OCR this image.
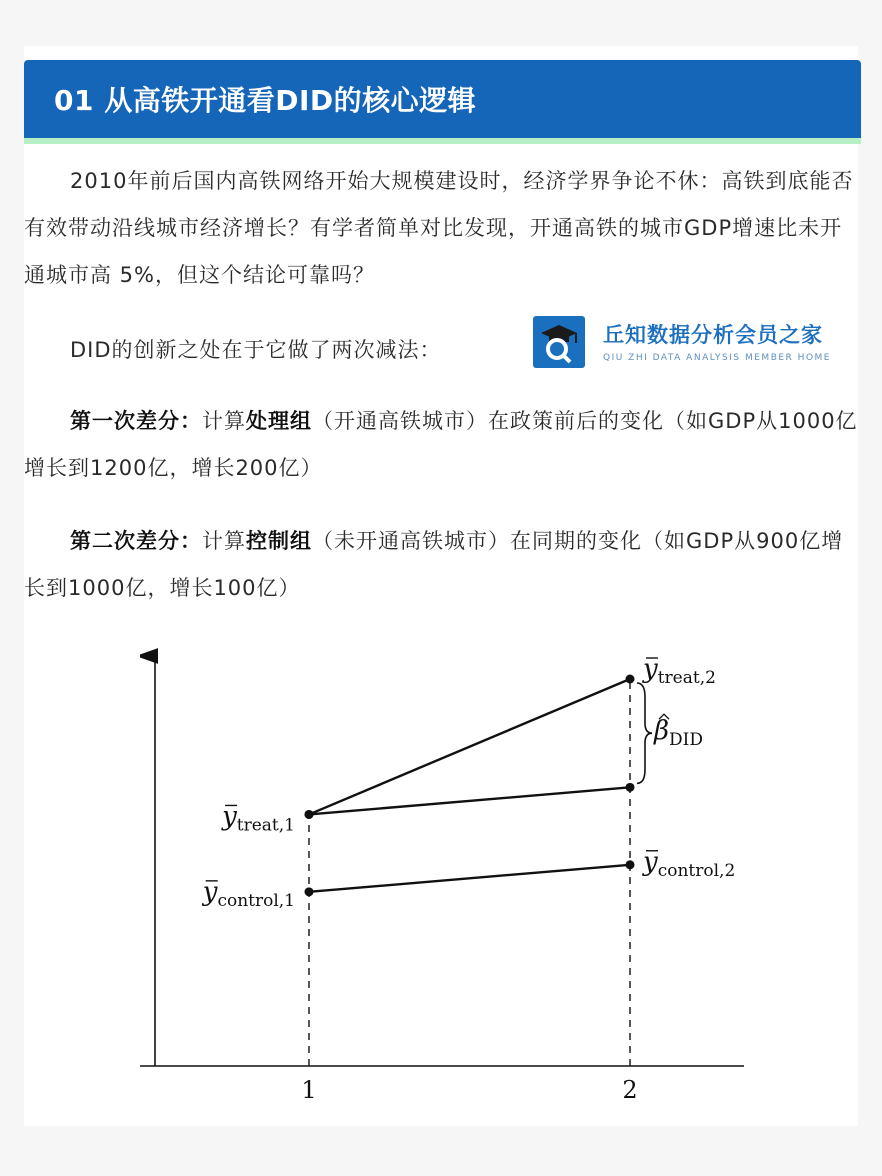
01 从高铁开通看DID的核心逻辑
2010年前后国内高铁网络开始大规模建设时，经济学界争论不休：高铁到底能否有效带动沿线城市经济增长？有学者简单对比发现，开通高铁的城市GDP增速比未开通城市高 5%，但这个结论可靠吗？
DID的创新之处在于它做了两次减法：
丘知数据分析会员之家
QIU ZHI DATA ANALYSIS MEMBER HOME
第一次差分：计算处理组（开通高铁城市）在政策前后的变化（如GDP从1000亿增长到1200亿，增长200亿）
第二次差分：计算控制组（未开通高铁城市）在同期的变化（如GDP从900亿增长到1000亿，增长100亿）
$y_{treat,1}$
$y_{control,1}$
$y_{treat,2}$
$y_{control,2}$
$\beta_{DID}$
1	2
